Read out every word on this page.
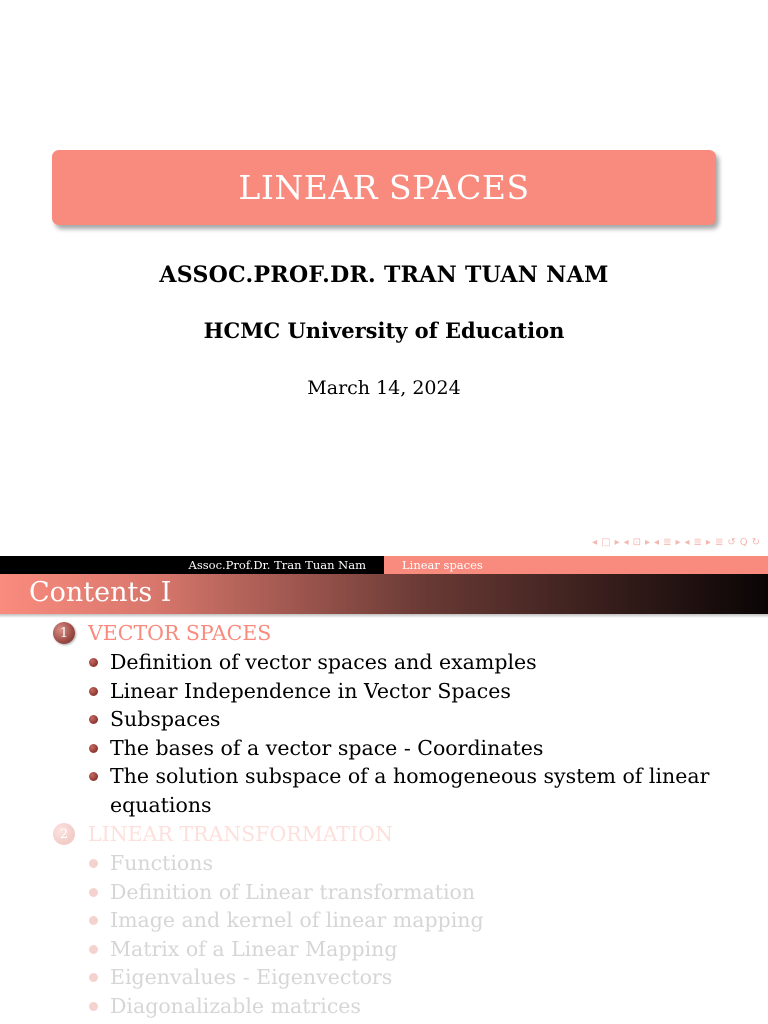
LINEAR SPACES
ASSOC.PROF.DR. TRAN TUAN NAM
HCMC University of Education
March 14, 2024
◂ □ ▸ ◂ ⊡ ▸ ◂ ≣ ▸ ◂ ≣ ▸ ≣ ↺ Q ↻
Assoc.Prof.Dr. Tran Tuan Nam	Linear spaces
Contents I
1 VECTOR SPACES
Definition of vector spaces and examples
Linear Independence in Vector Spaces
Subspaces
The bases of a vector space - Coordinates
The solution subspace of a homogeneous system of linear
equations
2 LINEAR TRANSFORMATION
Functions
Definition of Linear transformation
Image and kernel of linear mapping
Matrix of a Linear Mapping
Eigenvalues - Eigenvectors
Diagonalizable matrices
